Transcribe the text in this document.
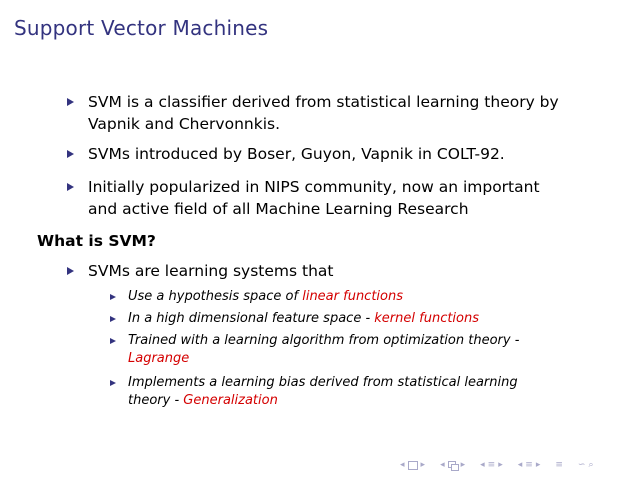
Support Vector Machines
SVM is a classifier derived from statistical learning theory by
Vapnik and Chervonnkis.
SVMs introduced by Boser, Guyon, Vapnik in COLT-92.
Initially popularized in NIPS community, now an important
and active field of all Machine Learning Research
What is SVM?
SVMs are learning systems that
Use a hypothesis space of linear functions
In a high dimensional feature space - kernel functions
Trained with a learning algorithm from optimization theory -
Lagrange
Implements a learning bias derived from statistical learning
theory - Generalization
◂ ▸ ◂ ▸ ◂ ≡ ▸ ◂ ≡ ▸ ≡ ∽ ⌕
